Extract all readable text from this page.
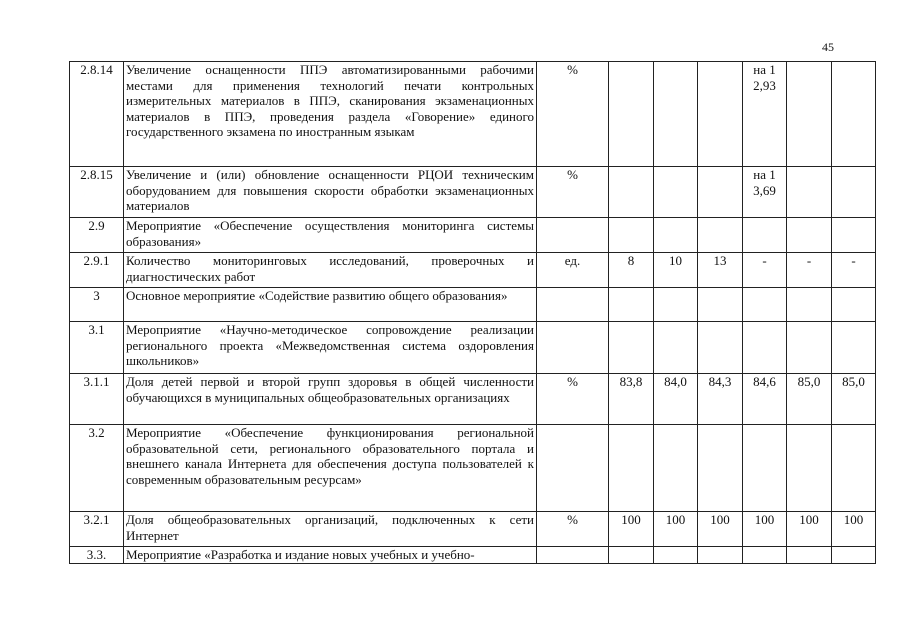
45
2.8.14	Увеличение оснащенности ППЭ автоматизированными рабочими местами для применения технологий печати контрольных измерительных материалов в ППЭ, сканирования экзаменационных материалов в ППЭ, проведения раздела «Говорение» единого государственного экзамена по иностранным языкам	%				на 12,93		
2.8.15	Увеличение и (или) обновление оснащенности РЦОИ техническим оборудованием для повышения скорости обработки экзаменационных материалов	%				на 13,69		
2.9	Мероприятие «Обеспечение осуществления мониторинга системы образования»							
2.9.1	Количество мониторинговых исследований, проверочных и диагностических работ	ед.	8	10	13	-	-	-
3	Основное мероприятие «Содействие развитию общего образования»							
3.1	Мероприятие «Научно-методическое сопровождение реализации регионального проекта «Межведомственная система оздоровления школьников»							
3.1.1	Доля детей первой и второй групп здоровья в общей численности обучающихся в муниципальных общеобразовательных организациях	%	83,8	84,0	84,3	84,6	85,0	85,0
3.2	Мероприятие «Обеспечение функционирования региональной образовательной сети, регионального образовательного портала и внешнего канала Интернета для обеспечения доступа пользователей к современным образовательным ресурсам»							
3.2.1	Доля общеобразовательных организаций, подключенных к сети Интернет	%	100	100	100	100	100	100
3.3.	Мероприятие «Разработка и издание новых учебных и учебно-							
